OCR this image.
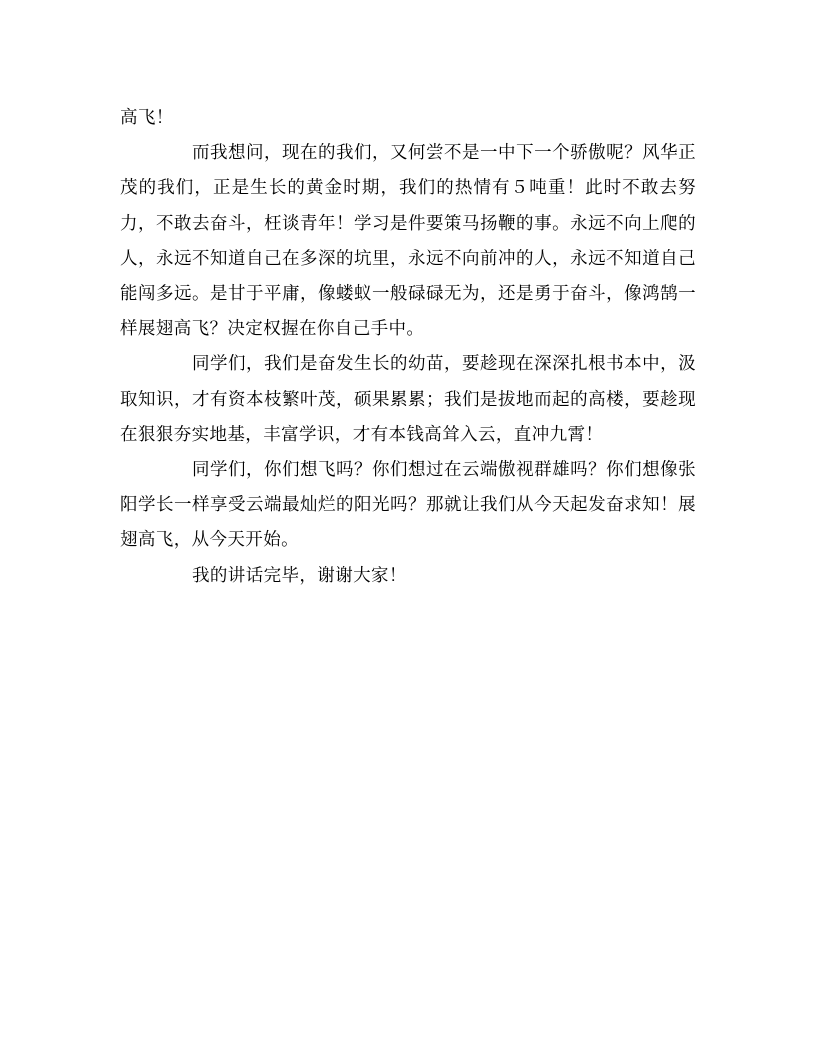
高飞！

而我想问，现在的我们，又何尝不是一中下一个骄傲呢？风华正茂的我们，正是生长的黄金时期，我们的热情有５吨重！此时不敢去努力，不敢去奋斗，枉谈青年！学习是件要策马扬鞭的事。永远不向上爬的人，永远不知道自己在多深的坑里，永远不向前冲的人，永远不知道自己能闯多远。是甘于平庸，像蝼蚁一般碌碌无为，还是勇于奋斗，像鸿鹄一样展翅高飞？决定权握在你自己手中。

同学们，我们是奋发生长的幼苗，要趁现在深深扎根书本中，汲取知识，才有资本枝繁叶茂，硕果累累；我们是拔地而起的高楼，要趁现在狠狠夯实地基，丰富学识，才有本钱高耸入云，直冲九霄！

同学们，你们想飞吗？你们想过在云端傲视群雄吗？你们想像张阳学长一样享受云端最灿烂的阳光吗？那就让我们从今天起发奋求知！展翅高飞，从今天开始。

我的讲话完毕，谢谢大家！
